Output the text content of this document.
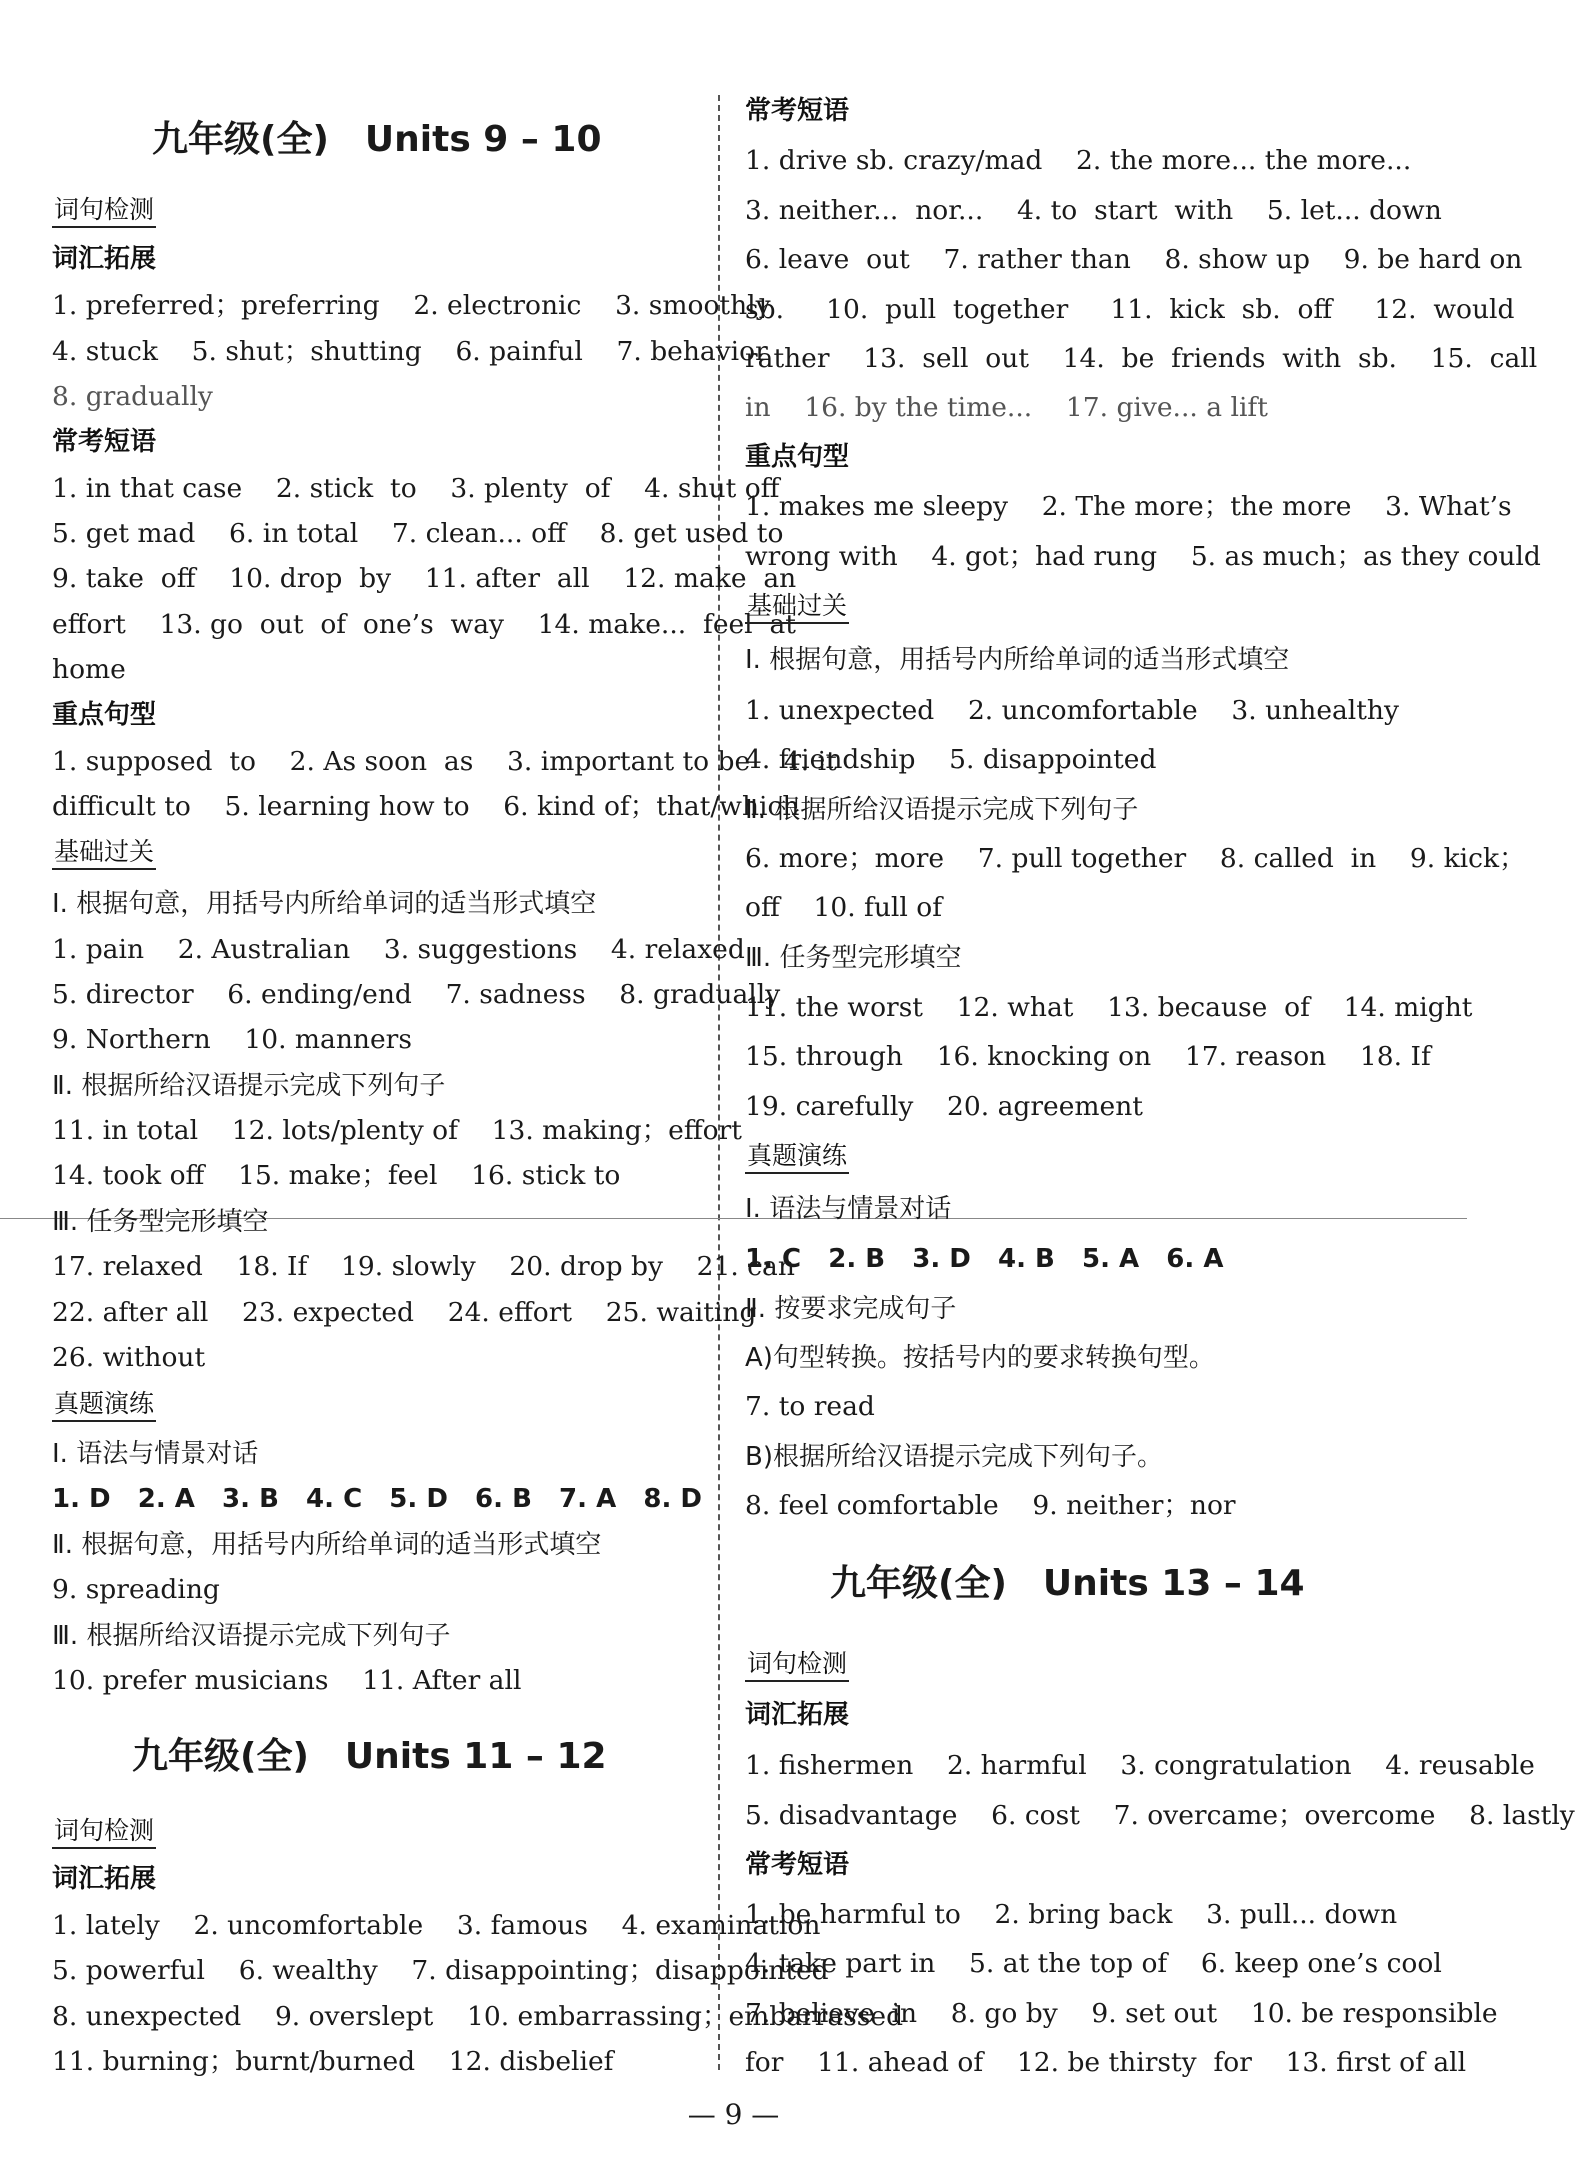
九年级(全)　Units 9 – 10
词句检测
词汇拓展
1. preferred；preferring    2. electronic    3. smoothly
4. stuck    5. shut；shutting    6. painful    7. behavior
8. gradually
常考短语
1. in that case    2. stick  to    3. plenty  of    4. shut off
5. get mad    6. in total    7. clean... off    8. get used to
9. take  off    10. drop  by    11. after  all    12. make  an
effort    13. go  out  of  one’s  way    14. make...  feel  at
home
重点句型
1. supposed  to    2. As soon  as    3. important to be    4. it
difficult to    5. learning how to    6. kind of；that/which
基础过关
Ⅰ. 根据句意，用括号内所给单词的适当形式填空
1. pain    2. Australian    3. suggestions    4. relaxed
5. director    6. ending/end    7. sadness    8. gradually
9. Northern    10. manners
Ⅱ. 根据所给汉语提示完成下列句子
11. in total    12. lots/plenty of    13. making；effort
14. took off    15. make；feel    16. stick to
Ⅲ. 任务型完形填空
17. relaxed    18. If    19. slowly    20. drop by    21. can
22. after all    23. expected    24. effort    25. waiting
26. without
真题演练
Ⅰ. 语法与情景对话
1. D   2. A   3. B   4. C   5. D   6. B   7. A   8. D
Ⅱ. 根据句意，用括号内所给单词的适当形式填空
9. spreading
Ⅲ. 根据所给汉语提示完成下列句子
10. prefer musicians    11. After all
九年级(全)　Units 11 – 12
词句检测
词汇拓展
1. lately    2. uncomfortable    3. famous    4. examination
5. powerful    6. wealthy    7. disappointing；disappointed
8. unexpected    9. overslept    10. embarrassing；embarrassed
11. burning；burnt/burned    12. disbelief
常考短语
1. drive sb. crazy/mad    2. the more... the more...
3. neither...  nor...    4. to  start  with    5. let... down
6. leave  out    7. rather than    8. show up    9. be hard on
sb.     10.  pull  together     11.  kick  sb.  off     12.  would
rather    13.  sell  out    14.  be  friends  with  sb.    15.  call
in    16. by the time...    17. give... a lift
重点句型
1. makes me sleepy    2. The more；the more    3. What’s
wrong with    4. got；had rung    5. as much；as they could
基础过关
Ⅰ. 根据句意，用括号内所给单词的适当形式填空
1. unexpected    2. uncomfortable    3. unhealthy
4. friendship    5. disappointed
Ⅱ. 根据所给汉语提示完成下列句子
6. more；more    7. pull together    8. called  in    9. kick；
off    10. full of
Ⅲ. 任务型完形填空
11. the worst    12. what    13. because  of    14. might
15. through    16. knocking on    17. reason    18. If
19. carefully    20. agreement
真题演练
Ⅰ. 语法与情景对话
1. C   2. B   3. D   4. B   5. A   6. A
Ⅱ. 按要求完成句子
A)句型转换。按括号内的要求转换句型。
7. to read
B)根据所给汉语提示完成下列句子。
8. feel comfortable    9. neither；nor
九年级(全)　Units 13 – 14
词句检测
词汇拓展
1. fishermen    2. harmful    3. congratulation    4. reusable
5. disadvantage    6. cost    7. overcame；overcome    8. lastly
常考短语
1. be harmful to    2. bring back    3. pull... down
4. take part in    5. at the top of    6. keep one’s cool
7. believe  in    8. go by    9. set out    10. be responsible
for    11. ahead of    12. be thirsty  for    13. first of all
— 9 —
